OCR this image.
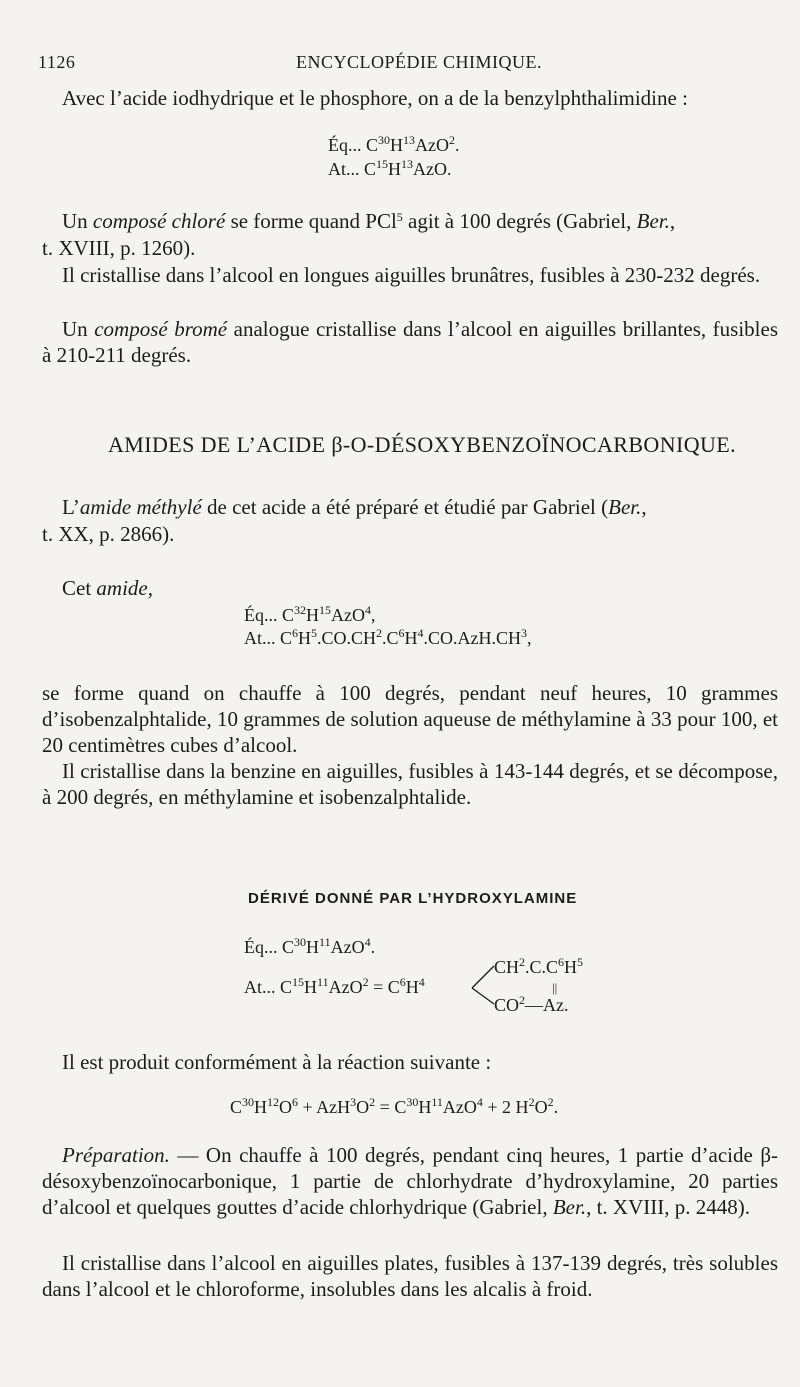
1126	ENCYCLOPÉDIE CHIMIQUE.
Avec l’acide iodhydrique et le phosphore, on a de la benzylphthalimidine :
Éq... $C^{30}H^{13}AzO^2$.
At... $C^{15}H^{13}AzO$.
Un composé chloré se forme quand PCl$^5$ agit à 100 degrés (Gabriel, Ber.,
t. XVIII, p. 1260).
Il cristallise dans l’alcool en longues aiguilles brunâtres, fusibles à 230-232 degrés.
Un composé bromé analogue cristallise dans l’alcool en aiguilles brillantes, fusibles à 210-211 degrés.
AMIDES DE L’ACIDE β-O-DÉSOXYBENZOÏNOCARBONIQUE.
L’amide méthylé de cet acide a été préparé et étudié par Gabriel (Ber.,
t. XX, p. 2866).
Cet amide,
Éq... $C^{32}H^{15}AzO^4$,
At... $C^6H^5.CO.CH^2.C^6H^4.CO.AzH.CH^3$,
se forme quand on chauffe à 100 degrés, pendant neuf heures, 10 grammes d’isobenzalphtalide, 10 grammes de solution aqueuse de méthylamine à 33 pour 100, et 20 centimètres cubes d’alcool.
Il cristallise dans la benzine en aiguilles, fusibles à 143-144 degrés, et se décompose, à 200 degrés, en méthylamine et isobenzalphtalide.
DÉRIVÉ DONNÉ PAR L’HYDROXYLAMINE
Éq... $C^{30}H^{11}AzO^4$.
At... $C^{15}H^{11}AzO^2 = C^6H^4$
$CH^2.C.C^6H^5$
||
$CO^2—Az$.
Il est produit conformément à la réaction suivante :
$C^{30}H^{12}O^6 + AzH^3O^2 = C^{30}H^{11}AzO^4 + 2$ $H^2O^2$.
Préparation. — On chauffe à 100 degrés, pendant cinq heures, 1 partie d’acide β-désoxybenzoïnocarbonique, 1 partie de chlorhydrate d’hydroxylamine, 20 parties d’alcool et quelques gouttes d’acide chlorhydrique (Gabriel, Ber., t. XVIII, p. 2448).
Il cristallise dans l’alcool en aiguilles plates, fusibles à 137-139 degrés, très solubles dans l’alcool et le chloroforme, insolubles dans les alcalis à froid.
